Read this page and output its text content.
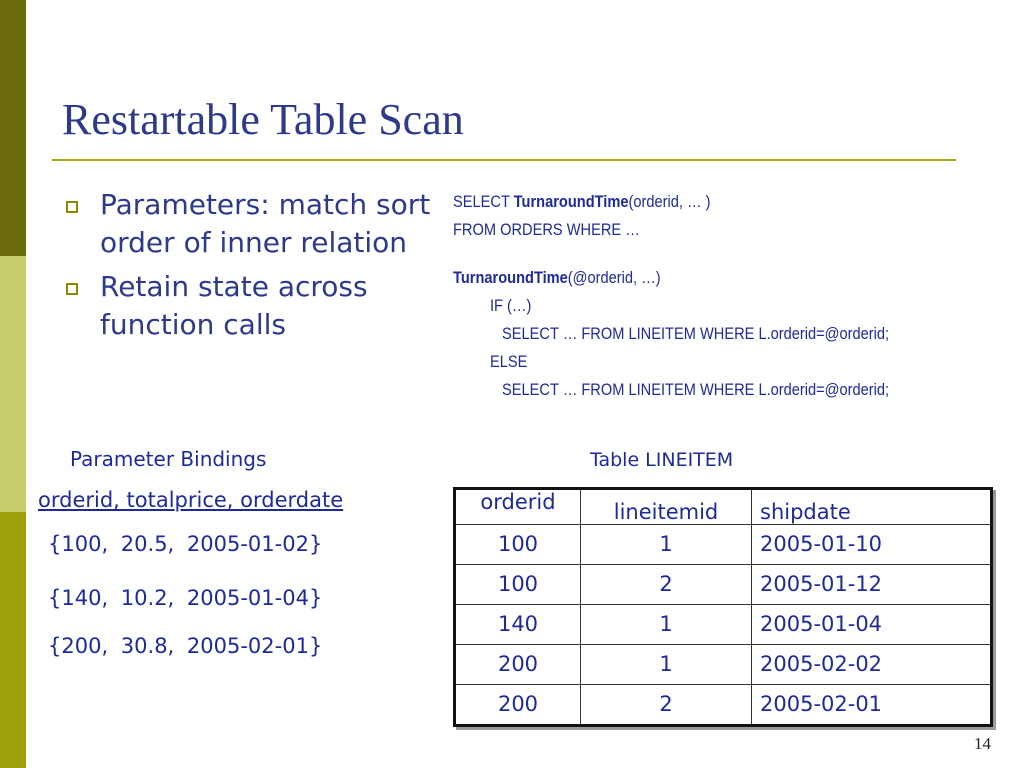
Restartable Table Scan
Parameters: match sort order of inner relation
Retain state across function calls
SELECT TurnaroundTime(orderid, … )
FROM ORDERS WHERE …
TurnaroundTime(@orderid, …)
IF (…)
SELECT … FROM LINEITEM WHERE L.orderid=@orderid;
ELSE
SELECT … FROM LINEITEM WHERE L.orderid=@orderid;
Parameter Bindings
orderid, totalprice, orderdate
{100, 20.5, 2005-01-02}
{140, 10.2, 2005-01-04}
{200, 30.8, 2005-02-01}
Table LINEITEM
orderid	lineitemid	shipdate
100	1	2005-01-10
100	2	2005-01-12
140	1	2005-01-04
200	1	2005-02-02
200	2	2005-02-01
14
